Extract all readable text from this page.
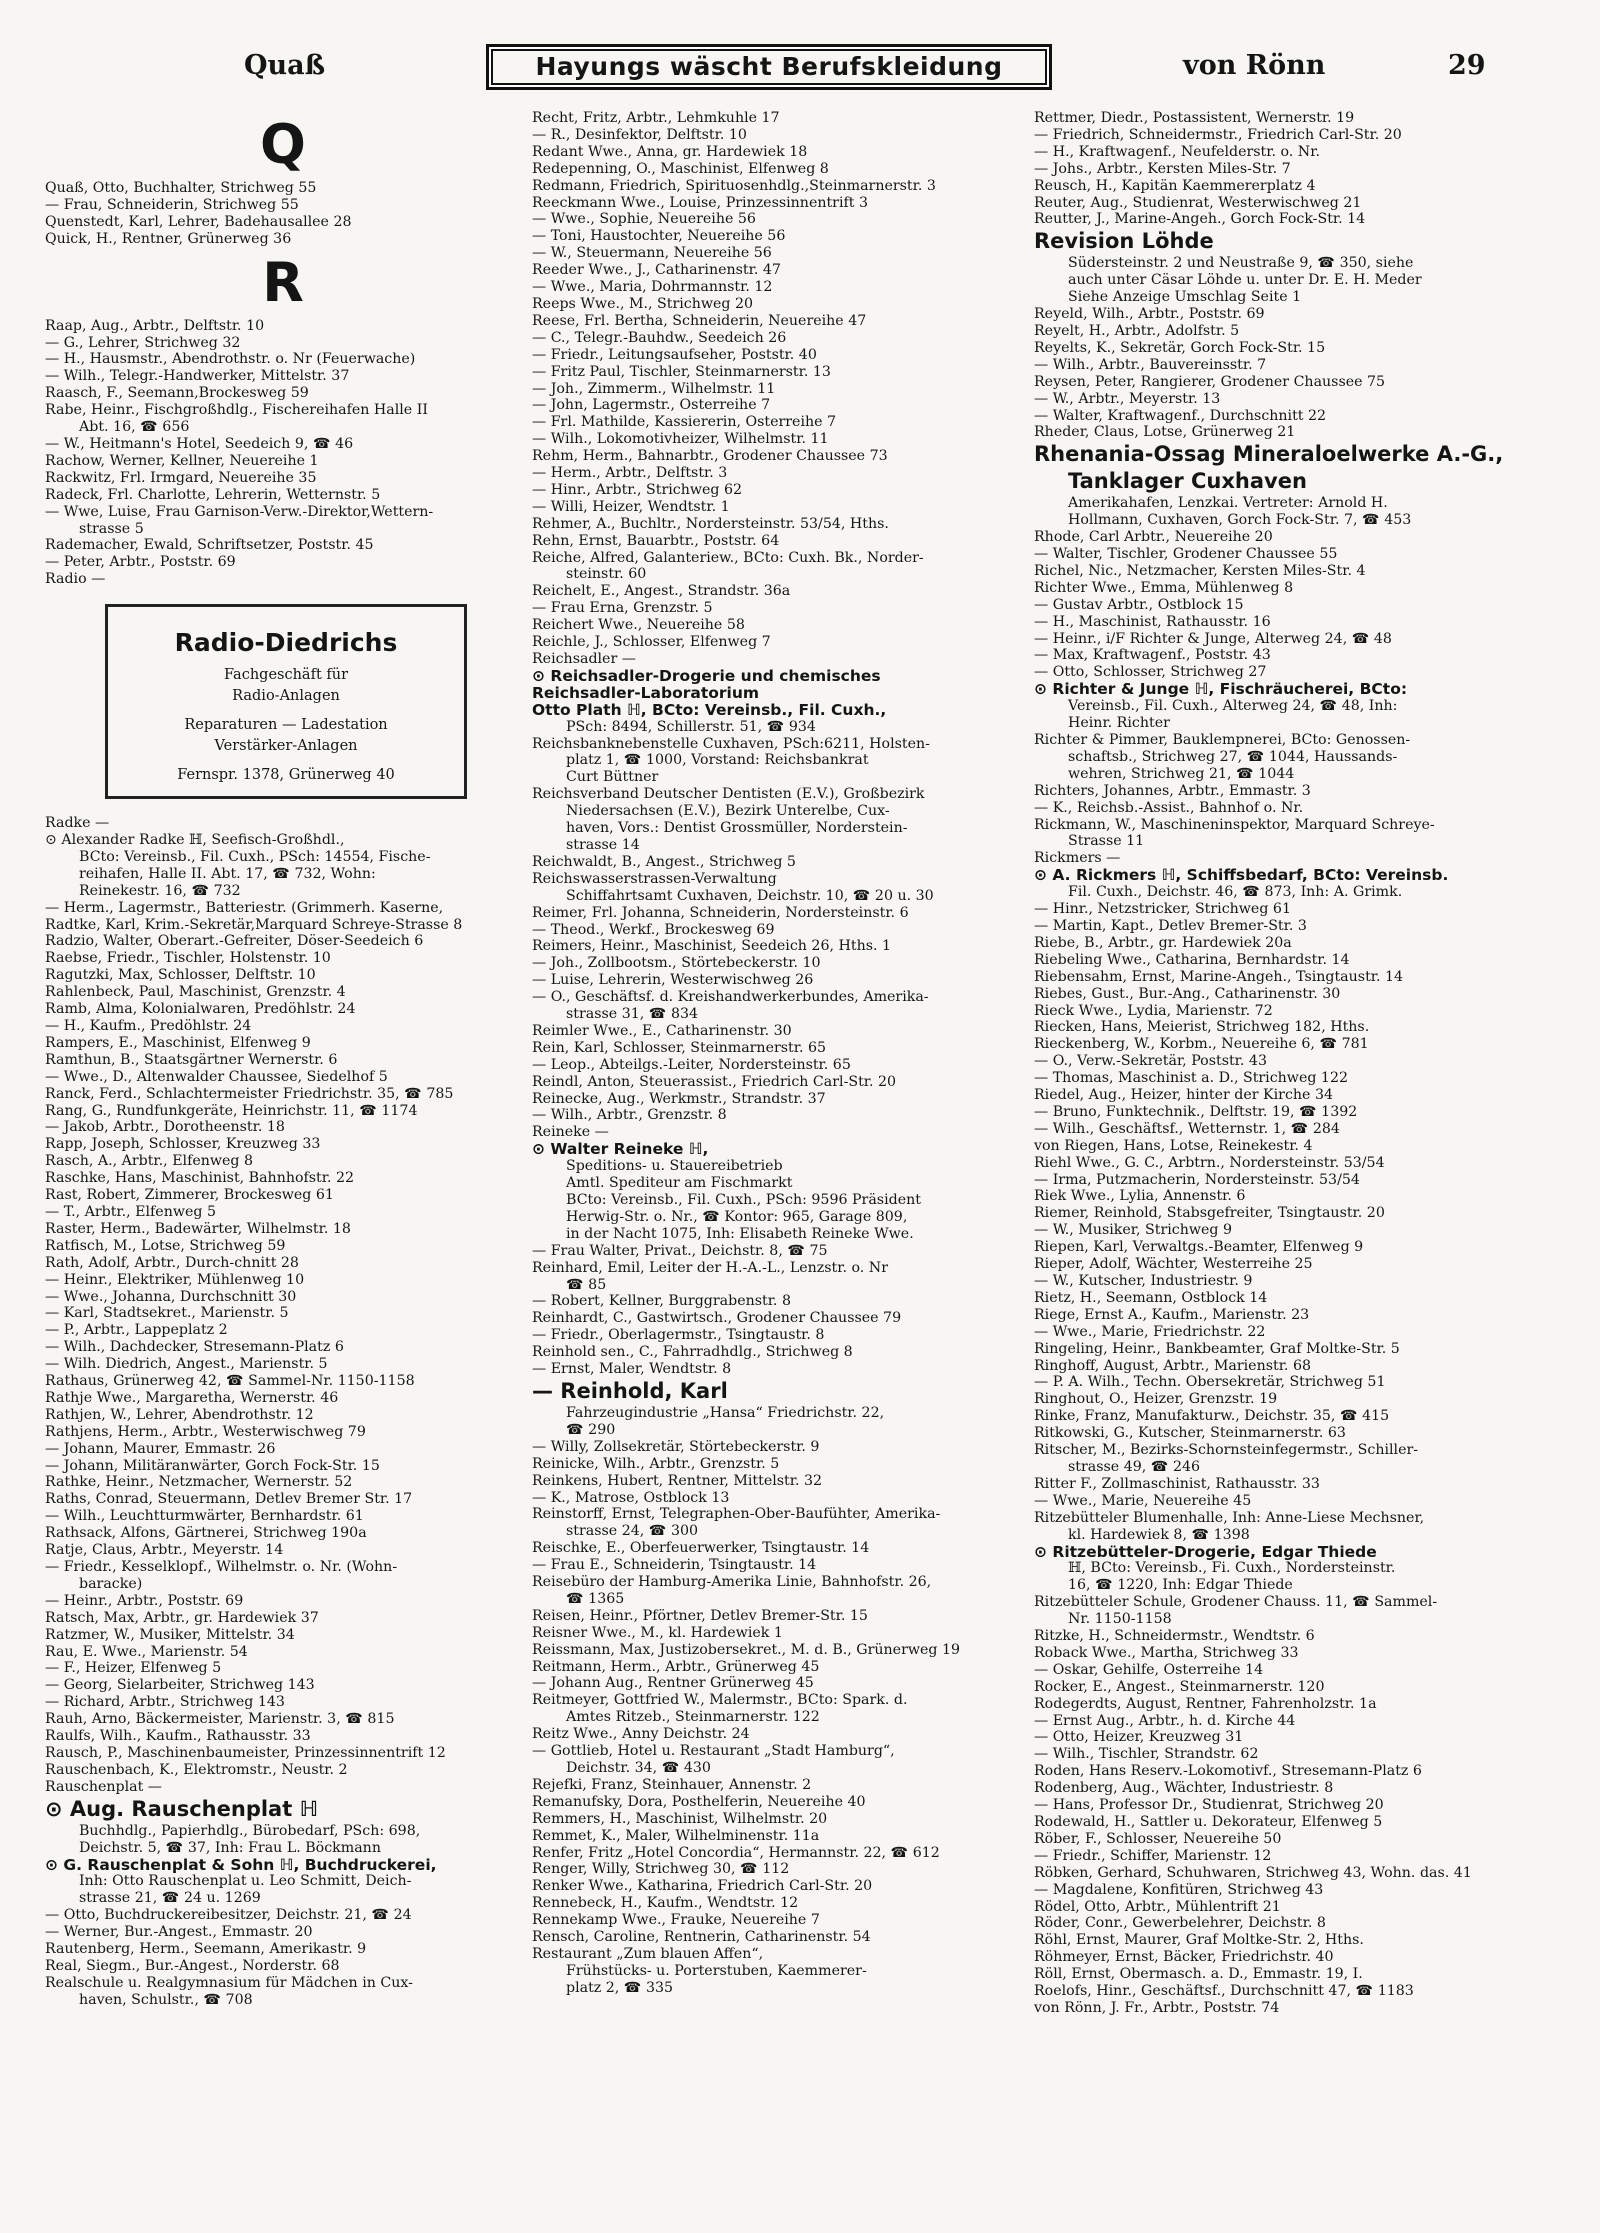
Quaß	Hayungs wäscht Berufskleidung	von Rönn	29
Q
Quaß, Otto, Buchhalter, Strichweg 55
— Frau, Schneiderin, Strichweg 55
Quenstedt, Karl, Lehrer, Badehausallee 28
Quick, H., Rentner, Grünerweg 36
R
Raap, Aug., Arbtr., Delftstr. 10
— G., Lehrer, Strichweg 32
— H., Hausmstr., Abendrothstr. o. Nr (Feuerwache)
— Wilh., Telegr.-Handwerker, Mittelstr. 37
Raasch, F., Seemann,Brockesweg 59
Rabe, Heinr., Fischgroßhdlg., Fischereihafen Halle II
Abt. 16, ☎ 656
— W., Heitmann's Hotel, Seedeich 9, ☎ 46
Rachow, Werner, Kellner, Neuereihe 1
Rackwitz, Frl. Irmgard, Neuereihe 35
Radeck, Frl. Charlotte, Lehrerin, Wetternstr. 5
— Wwe, Luise, Frau Garnison-Verw.-Direktor,Wettern-
strasse 5
Rademacher, Ewald, Schriftsetzer, Poststr. 45
— Peter, Arbtr., Poststr. 69
Radio —
Radio-Diedrichs
Fachgeschäft für
Radio-Anlagen
Reparaturen — Ladestation
Verstärker-Anlagen
Fernspr. 1378, Grünerweg 40
Radke —
⊙ Alexander Radke ℍ, Seefisch-Großhdl.,
BCto: Vereinsb., Fil. Cuxh., PSch: 14554, Fische-
reihafen, Halle II. Abt. 17, ☎ 732, Wohn:
Reinekestr. 16, ☎ 732
— Herm., Lagermstr., Batteriestr. (Grimmerh. Kaserne,
Radtke, Karl, Krim.-Sekretär,Marquard Schreye-Strasse 8
Radzio, Walter, Oberart.-Gefreiter, Döser-Seedeich 6
Raebse, Friedr., Tischler, Holstenstr. 10
Ragutzki, Max, Schlosser, Delftstr. 10
Rahlenbeck, Paul, Maschinist, Grenzstr. 4
Ramb, Alma, Kolonialwaren, Predöhlstr. 24
— H., Kaufm., Predöhlstr. 24
Rampers, E., Maschinist, Elfenweg 9
Ramthun, B., Staatsgärtner Wernerstr. 6
— Wwe., D., Altenwalder Chaussee, Siedelhof 5
Ranck, Ferd., Schlachtermeister Friedrichstr. 35, ☎ 785
Rang, G., Rundfunkgeräte, Heinrichstr. 11, ☎ 1174
— Jakob, Arbtr., Dorotheenstr. 18
Rapp, Joseph, Schlosser, Kreuzweg 33
Rasch, A., Arbtr., Elfenweg 8
Raschke, Hans, Maschinist, Bahnhofstr. 22
Rast, Robert, Zimmerer, Brockesweg 61
— T., Arbtr., Elfenweg 5
Raster, Herm., Badewärter, Wilhelmstr. 18
Ratfisch, M., Lotse, Strichweg 59
Rath, Adolf, Arbtr., Durch-chnitt 28
— Heinr., Elektriker, Mühlenweg 10
— Wwe., Johanna, Durchschnitt 30
— Karl, Stadtsekret., Marienstr. 5
— P., Arbtr., Lappeplatz 2
— Wilh., Dachdecker, Stresemann-Platz 6
— Wilh. Diedrich, Angest., Marienstr. 5
Rathaus, Grünerweg 42, ☎ Sammel-Nr. 1150-1158
Rathje Wwe., Margaretha, Wernerstr. 46
Rathjen, W., Lehrer, Abendrothstr. 12
Rathjens, Herm., Arbtr., Westerwischweg 79
— Johann, Maurer, Emmastr. 26
— Johann, Militäranwärter, Gorch Fock-Str. 15
Rathke, Heinr., Netzmacher, Wernerstr. 52
Raths, Conrad, Steuermann, Detlev Bremer Str. 17
— Wilh., Leuchtturmwärter, Bernhardstr. 61
Rathsack, Alfons, Gärtnerei, Strichweg 190a
Ratje, Claus, Arbtr., Meyerstr. 14
— Friedr., Kesselklopf., Wilhelmstr. o. Nr. (Wohn-
baracke)
— Heinr., Arbtr., Poststr. 69
Ratsch, Max, Arbtr., gr. Hardewiek 37
Ratzmer, W., Musiker, Mittelstr. 34
Rau, E. Wwe., Marienstr. 54
— F., Heizer, Elfenweg 5
— Georg, Sielarbeiter, Strichweg 143
— Richard, Arbtr., Strichweg 143
Rauh, Arno, Bäckermeister, Marienstr. 3, ☎ 815
Raulfs, Wilh., Kaufm., Rathausstr. 33
Rausch, P., Maschinenbaumeister, Prinzessinnentrift 12
Rauschenbach, K., Elektromstr., Neustr. 2
Rauschenplat —
⊙ Aug. Rauschenplat ℍ
Buchhdlg., Papierhdlg., Bürobedarf, PSch: 698,
Deichstr. 5, ☎ 37, Inh: Frau L. Böckmann
⊙ G. Rauschenplat & Sohn ℍ, Buchdruckerei,
Inh: Otto Rauschenplat u. Leo Schmitt, Deich-
strasse 21, ☎ 24 u. 1269
— Otto, Buchdruckereibesitzer, Deichstr. 21, ☎ 24
— Werner, Bur.-Angest., Emmastr. 20
Rautenberg, Herm., Seemann, Amerikastr. 9
Real, Siegm., Bur.-Angest., Norderstr. 68
Realschule u. Realgymnasium für Mädchen in Cux-
haven, Schulstr., ☎ 708
Recht, Fritz, Arbtr., Lehmkuhle 17
— R., Desinfektor, Delftstr. 10
Redant Wwe., Anna, gr. Hardewiek 18
Redepenning, O., Maschinist, Elfenweg 8
Redmann, Friedrich, Spirituosenhdlg.,Steinmarnerstr. 3
Reeckmann Wwe., Louise, Prinzessinnentrift 3
— Wwe., Sophie, Neuereihe 56
— Toni, Haustochter, Neuereihe 56
— W., Steuermann, Neuereihe 56
Reeder Wwe., J., Catharinenstr. 47
— Wwe., Maria, Dohrmannstr. 12
Reeps Wwe., M., Strichweg 20
Reese, Frl. Bertha, Schneiderin, Neuereihe 47
— C., Telegr.-Bauhdw., Seedeich 26
— Friedr., Leitungsaufseher, Poststr. 40
— Fritz Paul, Tischler, Steinmarnerstr. 13
— Joh., Zimmerm., Wilhelmstr. 11
— John, Lagermstr., Osterreihe 7
— Frl. Mathilde, Kassiererin, Osterreihe 7
— Wilh., Lokomotivheizer, Wilhelmstr. 11
Rehm, Herm., Bahnarbtr., Grodener Chaussee 73
— Herm., Arbtr., Delftstr. 3
— Hinr., Arbtr., Strichweg 62
— Willi, Heizer, Wendtstr. 1
Rehmer, A., Buchltr., Nordersteinstr. 53/54, Hths.
Rehn, Ernst, Bauarbtr., Poststr. 64
Reiche, Alfred, Galanteriew., BCto: Cuxh. Bk., Norder-
steinstr. 60
Reichelt, E., Angest., Strandstr. 36a
— Frau Erna, Grenzstr. 5
Reichert Wwe., Neuereihe 58
Reichle, J., Schlosser, Elfenweg 7
Reichsadler —
⊙ Reichsadler-Drogerie und chemisches
Reichsadler-Laboratorium
Otto Plath ℍ, BCto: Vereinsb., Fil. Cuxh.,
PSch: 8494, Schillerstr. 51, ☎ 934
Reichsbanknebenstelle Cuxhaven, PSch:6211, Holsten-
platz 1, ☎ 1000, Vorstand: Reichsbankrat
Curt Büttner
Reichsverband Deutscher Dentisten (E.V.), Großbezirk
Niedersachsen (E.V.), Bezirk Unterelbe, Cux-
haven, Vors.: Dentist Grossmüller, Norderstein-
strasse 14
Reichwaldt, B., Angest., Strichweg 5
Reichswasserstrassen-Verwaltung
Schiffahrtsamt Cuxhaven, Deichstr. 10, ☎ 20 u. 30
Reimer, Frl. Johanna, Schneiderin, Nordersteinstr. 6
— Theod., Werkf., Brockesweg 69
Reimers, Heinr., Maschinist, Seedeich 26, Hths. 1
— Joh., Zollbootsm., Störtebeckerstr. 10
— Luise, Lehrerin, Westerwischweg 26
— O., Geschäftsf. d. Kreishandwerkerbundes, Amerika-
strasse 31, ☎ 834
Reimler Wwe., E., Catharinenstr. 30
Rein, Karl, Schlosser, Steinmarnerstr. 65
— Leop., Abteilgs.-Leiter, Nordersteinstr. 65
Reindl, Anton, Steuerassist., Friedrich Carl-Str. 20
Reinecke, Aug., Werkmstr., Strandstr. 37
— Wilh., Arbtr., Grenzstr. 8
Reineke —
⊙ Walter Reineke ℍ,
Speditions- u. Stauereibetrieb
Amtl. Spediteur am Fischmarkt
BCto: Vereinsb., Fil. Cuxh., PSch: 9596 Präsident
Herwig-Str. o. Nr., ☎ Kontor: 965, Garage 809,
in der Nacht 1075, Inh: Elisabeth Reineke Wwe.
— Frau Walter, Privat., Deichstr. 8, ☎ 75
Reinhard, Emil, Leiter der H.-A.-L., Lenzstr. o. Nr
☎ 85
— Robert, Kellner, Burggrabenstr. 8
Reinhardt, C., Gastwirtsch., Grodener Chaussee 79
— Friedr., Oberlagermstr., Tsingtaustr. 8
Reinhold sen., C., Fahrradhdlg., Strichweg 8
— Ernst, Maler, Wendtstr. 8
— Reinhold, Karl
Fahrzeugindustrie „Hansa“ Friedrichstr. 22,
☎ 290
— Willy, Zollsekretär, Störtebeckerstr. 9
Reinicke, Wilh., Arbtr., Grenzstr. 5
Reinkens, Hubert, Rentner, Mittelstr. 32
— K., Matrose, Ostblock 13
Reinstorff, Ernst, Telegraphen-Ober-Baufühter, Amerika-
strasse 24, ☎ 300
Reischke, E., Oberfeuerwerker, Tsingtaustr. 14
— Frau E., Schneiderin, Tsingtaustr. 14
Reisebüro der Hamburg-Amerika Linie, Bahnhofstr. 26,
☎ 1365
Reisen, Heinr., Pförtner, Detlev Bremer-Str. 15
Reisner Wwe., M., kl. Hardewiek 1
Reissmann, Max, Justizobersekret., M. d. B., Grünerweg 19
Reitmann, Herm., Arbtr., Grünerweg 45
— Johann Aug., Rentner Grünerweg 45
Reitmeyer, Gottfried W., Malermstr., BCto: Spark. d.
Amtes Ritzeb., Steinmarnerstr. 122
Reitz Wwe., Anny Deichstr. 24
— Gottlieb, Hotel u. Restaurant „Stadt Hamburg“,
Deichstr. 34, ☎ 430
Rejefki, Franz, Steinhauer, Annenstr. 2
Remanufsky, Dora, Posthelferin, Neuereihe 40
Remmers, H., Maschinist, Wilhelmstr. 20
Remmet, K., Maler, Wilhelminenstr. 11a
Renfer, Fritz „Hotel Concordia“, Hermannstr. 22, ☎ 612
Renger, Willy, Strichweg 30, ☎ 112
Renker Wwe., Katharina, Friedrich Carl-Str. 20
Rennebeck, H., Kaufm., Wendtstr. 12
Rennekamp Wwe., Frauke, Neuereihe 7
Rensch, Caroline, Rentnerin, Catharinenstr. 54
Restaurant „Zum blauen Affen“,
Frühstücks- u. Porterstuben, Kaemmerer-
platz 2, ☎ 335
Rettmer, Diedr., Postassistent, Wernerstr. 19
— Friedrich, Schneidermstr., Friedrich Carl-Str. 20
— H., Kraftwagenf., Neufelderstr. o. Nr.
— Johs., Arbtr., Kersten Miles-Str. 7
Reusch, H., Kapitän Kaemmererplatz 4
Reuter, Aug., Studienrat, Westerwischweg 21
Reutter, J., Marine-Angeh., Gorch Fock-Str. 14
Revision Löhde
Südersteinstr. 2 und Neustraße 9, ☎ 350, siehe
auch unter Cäsar Löhde u. unter Dr. E. H. Meder
Siehe Anzeige Umschlag Seite 1
Reyeld, Wilh., Arbtr., Poststr. 69
Reyelt, H., Arbtr., Adolfstr. 5
Reyelts, K., Sekretär, Gorch Fock-Str. 15
— Wilh., Arbtr., Bauvereinsstr. 7
Reysen, Peter, Rangierer, Grodener Chaussee 75
— W., Arbtr., Meyerstr. 13
— Walter, Kraftwagenf., Durchschnitt 22
Rheder, Claus, Lotse, Grünerweg 21
Rhenania-Ossag Mineraloelwerke A.-G.,
Tanklager Cuxhaven
Amerikahafen, Lenzkai. Vertreter: Arnold H.
Hollmann, Cuxhaven, Gorch Fock-Str. 7, ☎ 453
Rhode, Carl Arbtr., Neuereihe 20
— Walter, Tischler, Grodener Chaussee 55
Richel, Nic., Netzmacher, Kersten Miles-Str. 4
Richter Wwe., Emma, Mühlenweg 8
— Gustav Arbtr., Ostblock 15
— H., Maschinist, Rathausstr. 16
— Heinr., i/F Richter & Junge, Alterweg 24, ☎ 48
— Max, Kraftwagenf., Poststr. 43
— Otto, Schlosser, Strichweg 27
⊙ Richter & Junge ℍ, Fischräucherei, BCto:
Vereinsb., Fil. Cuxh., Alterweg 24, ☎ 48, Inh:
Heinr. Richter
Richter & Pimmer, Bauklempnerei, BCto: Genossen-
schaftsb., Strichweg 27, ☎ 1044, Haussands-
wehren, Strichweg 21, ☎ 1044
Richters, Johannes, Arbtr., Emmastr. 3
— K., Reichsb.-Assist., Bahnhof o. Nr.
Rickmann, W., Maschineninspektor, Marquard Schreye-
Strasse 11
Rickmers —
⊙ A. Rickmers ℍ, Schiffsbedarf, BCto: Vereinsb.
Fil. Cuxh., Deichstr. 46, ☎ 873, Inh: A. Grimk.
— Hinr., Netzstricker, Strichweg 61
— Martin, Kapt., Detlev Bremer-Str. 3
Riebe, B., Arbtr., gr. Hardewiek 20a
Riebeling Wwe., Catharina, Bernhardstr. 14
Riebensahm, Ernst, Marine-Angeh., Tsingtaustr. 14
Riebes, Gust., Bur.-Ang., Catharinenstr. 30
Rieck Wwe., Lydia, Marienstr. 72
Riecken, Hans, Meierist, Strichweg 182, Hths.
Rieckenberg, W., Korbm., Neuereihe 6, ☎ 781
— O., Verw.-Sekretär, Poststr. 43
— Thomas, Maschinist a. D., Strichweg 122
Riedel, Aug., Heizer, hinter der Kirche 34
— Bruno, Funktechnik., Delftstr. 19, ☎ 1392
— Wilh., Geschäftsf., Wetternstr. 1, ☎ 284
von Riegen, Hans, Lotse, Reinekestr. 4
Riehl Wwe., G. C., Arbtrn., Nordersteinstr. 53/54
— Irma, Putzmacherin, Nordersteinstr. 53/54
Riek Wwe., Lylia, Annenstr. 6
Riemer, Reinhold, Stabsgefreiter, Tsingtaustr. 20
— W., Musiker, Strichweg 9
Riepen, Karl, Verwaltgs.-Beamter, Elfenweg 9
Rieper, Adolf, Wächter, Westerreihe 25
— W., Kutscher, Industriestr. 9
Rietz, H., Seemann, Ostblock 14
Riege, Ernst A., Kaufm., Marienstr. 23
— Wwe., Marie, Friedrichstr. 22
Ringeling, Heinr., Bankbeamter, Graf Moltke-Str. 5
Ringhoff, August, Arbtr., Marienstr. 68
— P. A. Wilh., Techn. Obersekretär, Strichweg 51
Ringhout, O., Heizer, Grenzstr. 19
Rinke, Franz, Manufakturw., Deichstr. 35, ☎ 415
Ritkowski, G., Kutscher, Steinmarnerstr. 63
Ritscher, M., Bezirks-Schornsteinfegermstr., Schiller-
strasse 49, ☎ 246
Ritter F., Zollmaschinist, Rathausstr. 33
— Wwe., Marie, Neuereihe 45
Ritzebütteler Blumenhalle, Inh: Anne-Liese Mechsner,
kl. Hardewiek 8, ☎ 1398
⊙ Ritzebütteler-Drogerie, Edgar Thiede
ℍ, BCto: Vereinsb., Fi. Cuxh., Nordersteinstr.
16, ☎ 1220, Inh: Edgar Thiede
Ritzebütteler Schule, Grodener Chauss. 11, ☎ Sammel-
Nr. 1150-1158
Ritzke, H., Schneidermstr., Wendtstr. 6
Roback Wwe., Martha, Strichweg 33
— Oskar, Gehilfe, Osterreihe 14
Rocker, E., Angest., Steinmarnerstr. 120
Rodegerdts, August, Rentner, Fahrenholzstr. 1a
— Ernst Aug., Arbtr., h. d. Kirche 44
— Otto, Heizer, Kreuzweg 31
— Wilh., Tischler, Strandstr. 62
Roden, Hans Reserv.-Lokomotivf., Stresemann-Platz 6
Rodenberg, Aug., Wächter, Industriestr. 8
— Hans, Professor Dr., Studienrat, Strichweg 20
Rodewald, H., Sattler u. Dekorateur, Elfenweg 5
Röber, F., Schlosser, Neuereihe 50
— Friedr., Schiffer, Marienstr. 12
Röbken, Gerhard, Schuhwaren, Strichweg 43, Wohn. das. 41
— Magdalene, Konfitüren, Strichweg 43
Rödel, Otto, Arbtr., Mühlentrift 21
Röder, Conr., Gewerbelehrer, Deichstr. 8
Röhl, Ernst, Maurer, Graf Moltke-Str. 2, Hths.
Röhmeyer, Ernst, Bäcker, Friedrichstr. 40
Röll, Ernst, Obermasch. a. D., Emmastr. 19, I.
Roelofs, Hinr., Geschäftsf., Durchschnitt 47, ☎ 1183
von Rönn, J. Fr., Arbtr., Poststr. 74
